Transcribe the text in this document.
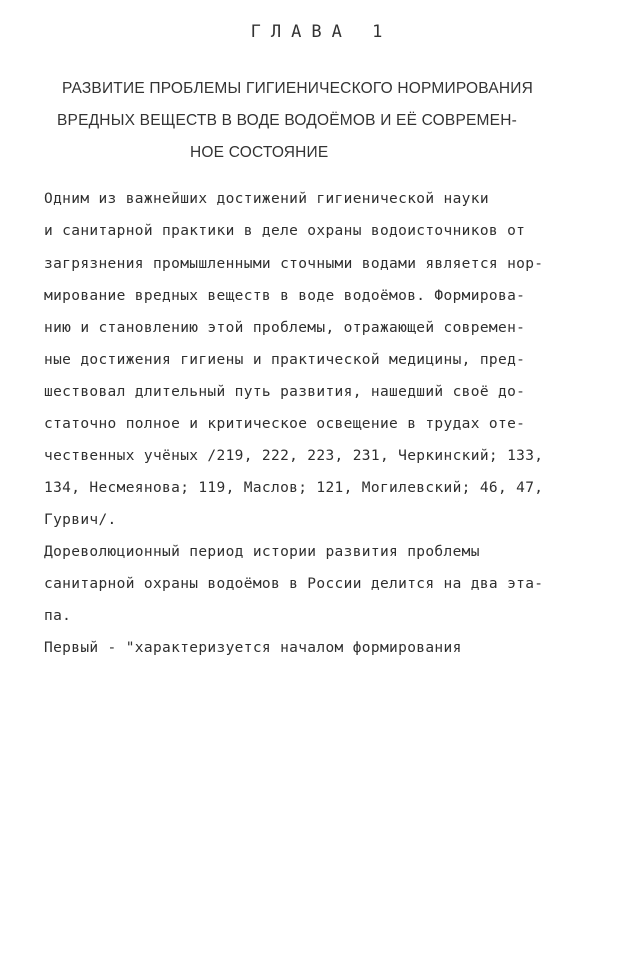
ГЛАВА 1
РАЗВИТИЕ ПРОБЛЕМЫ ГИГИЕНИЧЕСКОГО НОРМИРОВАНИЯ
ВРЕДНЫХ ВЕЩЕСТВ В ВОДЕ ВОДОЁМОВ И ЕЁ СОВРЕМЕН-
НОЕ СОСТОЯНИЕ
Одним из важнейших достижений гигиенической науки
и санитарной практики в деле охраны водоисточников от
загрязнения промышленными сточными водами является нор-
мирование вредных веществ в воде водоёмов. Формирова-
нию и становлению этой проблемы, отражающей современ-
ные достижения гигиены и практической медицины, пред-
шествовал длительный путь развития, нашедший своё до-
статочно полное и критическое освещение в трудах оте-
чественных учёных /219, 222, 223, 231, Черкинский; 133,
134, Несмеянова; 119, Маслов; 121, Могилевский; 46, 47,
Гурвич/.
Дореволюционный период истории развития проблемы
санитарной охраны водоёмов в России делится на два эта-
па.
Первый - "характеризуется началом формирования
